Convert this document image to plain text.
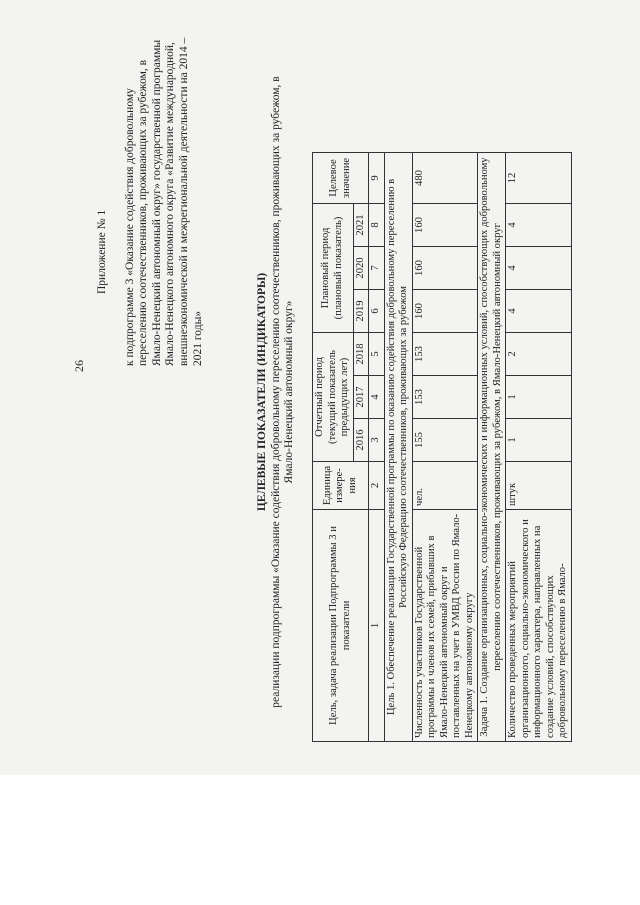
26
Приложение № 1 к подпрограмме 3 «Оказание содействия добровольному переселению соотечественников, проживающих за рубежом, в Ямало-Ненецкий автономный округ» государственной программы Ямало-Ненецкого автономного округа «Развитие международной, внешнеэкономической и межрегиональной деятельности на 2014 – 2021 годы»	ЦЕЛЕВЫЕ ПОКАЗАТЕЛИ (ИНДИКАТОРЫ) реализации подпрограммы «Оказание содействия добровольному переселению соотечественников, проживающих за рубежом, в Ямало-Ненецкий автономный округ»
Цель, задача реализации Подпрограммы 3 и показатели	Единица измере-ния	Отчетный период (текущий показатель предыдущих лет)			Плановый период (плановый показатель)			Целевое значение
		2016	2017	2018	2019	2020	2021	
1	2	3	4	5	6	7	8	9
Цель 1. Обеспечение реализации Государственной программы по оказанию содействия добровольному переселению в Российскую Федерацию соотечественников, проживающих за рубежом								
Численность участников Государственной программы и членов их семей, прибывших в Ямало-Ненецкий автономный округ и поставленных на учет в УМВД России по Ямало-Ненецкому автономному округу	чел.	155	153	153	160	160	160	480
Задача 1. Создание организационных, социально-экономических и информационных условий, способствующих добровольному переселению соотечественников, проживающих за рубежом, в Ямало-Ненецкий автономный округ								
Количество проведенных мероприятий организационного, социально-экономического и информационного характера, направленных на создание условий, способствующих добровольному переселению в Ямало-	штук	1	1	2	4	4	4	12
